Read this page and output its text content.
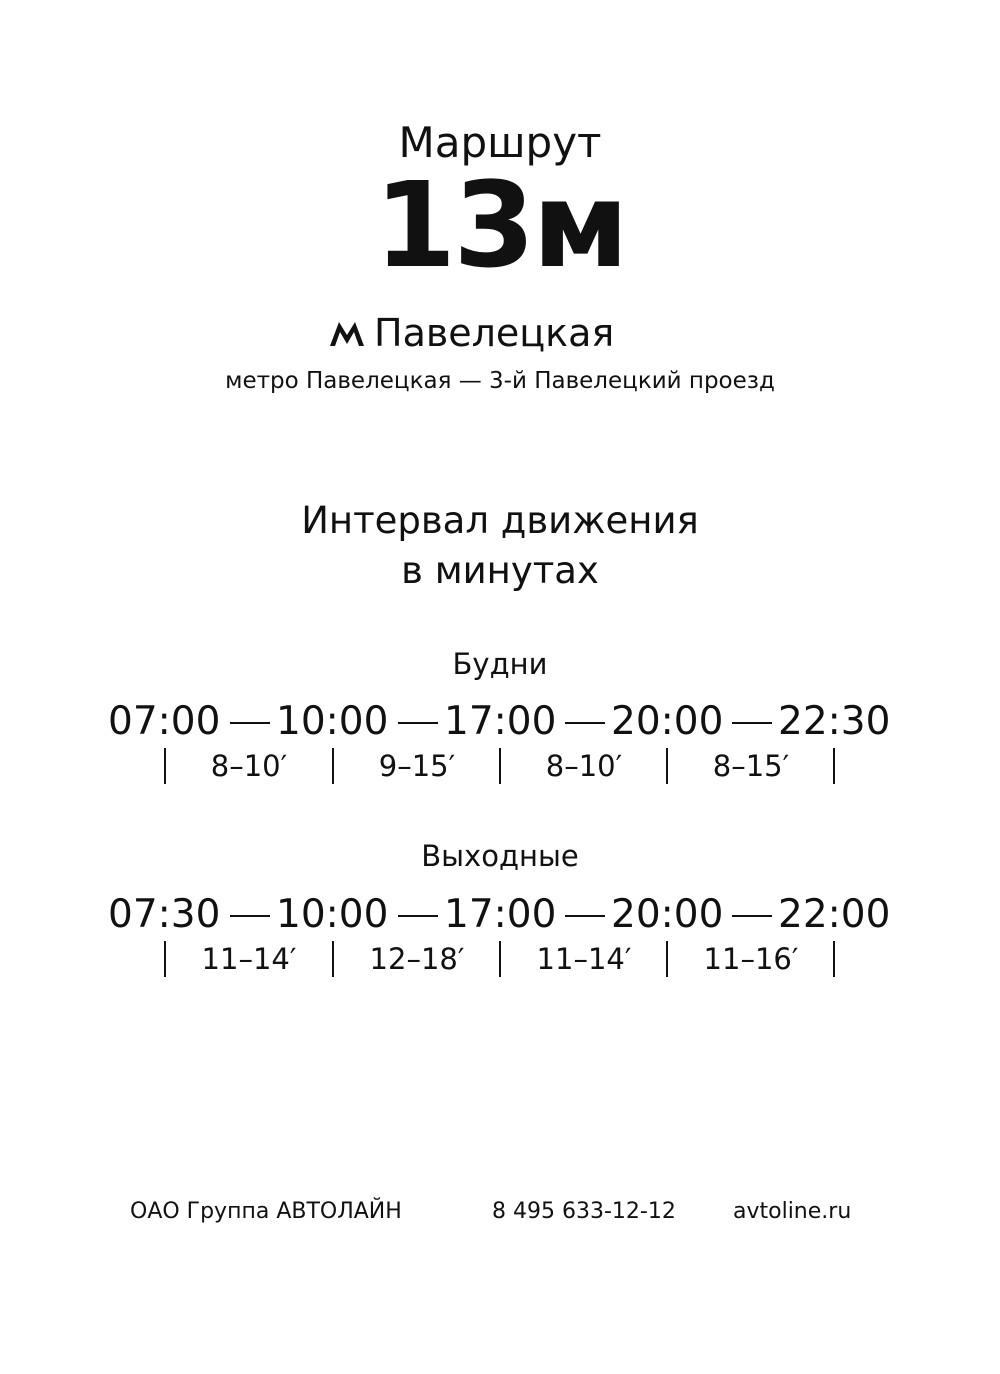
Маршрут
13м
Павелецкая
метро Павелецкая — 3-й Павелецкий проезд
Интервал движения
в минутах
Будни
07:00 10:00 17:00 20:00 22:30
8–10′	9–15′	8–10′	8–15′
Выходные
07:30 10:00 17:00 20:00 22:00
11–14′	12–18′	11–14′	11–16′
ОАО Группа АВТОЛАЙН	8 495 633-12-12	avtoline.ru
